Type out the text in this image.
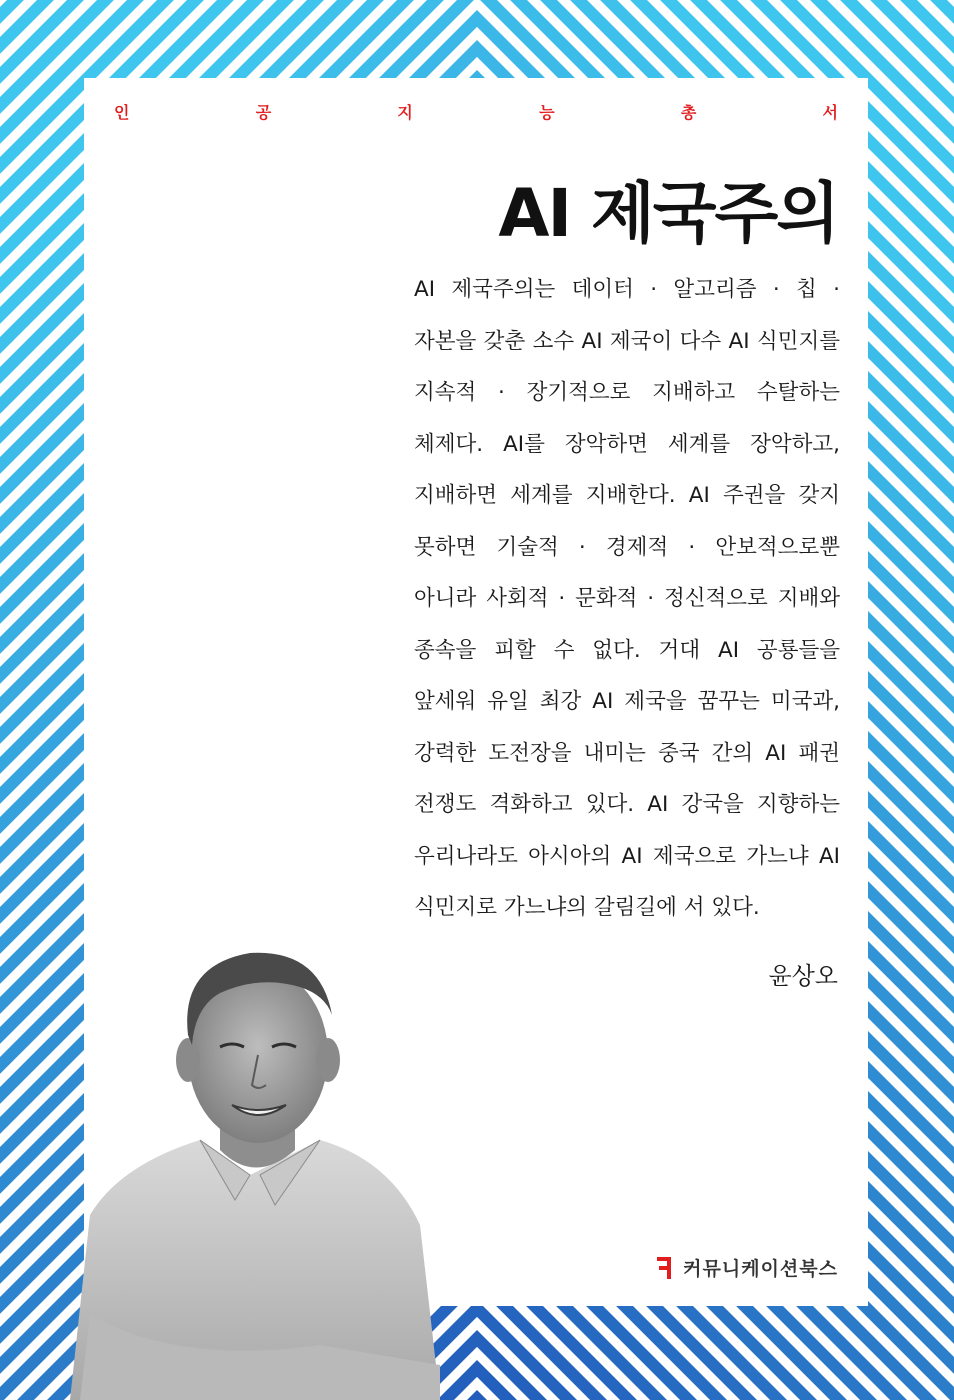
인	공	지	능	총	서
AI 제국주의
AI 제국주의는 데이터 · 알고리즘 · 칩 · 자본을 갖춘 소수 AI 제국이 다수 AI 식민지를 지속적 · 장기적으로 지배하고 수탈하는 체제다. AI를 장악하면 세계를 장악하고, 지배하면 세계를 지배한다. AI 주권을 갖지 못하면 기술적 · 경제적 · 안보적으로뿐 아니라 사회적 · 문화적 · 정신적으로 지배와 종속을 피할 수 없다. 거대 AI 공룡들을 앞세워 유일 최강 AI 제국을 꿈꾸는 미국과, 강력한 도전장을 내미는 중국 간의 AI 패권 전쟁도 격화하고 있다. AI 강국을 지향하는 우리나라도 아시아의 AI 제국으로 가느냐 AI 식민지로 가느냐의 갈림길에 서 있다.
윤상오
커뮤니케이션북스
